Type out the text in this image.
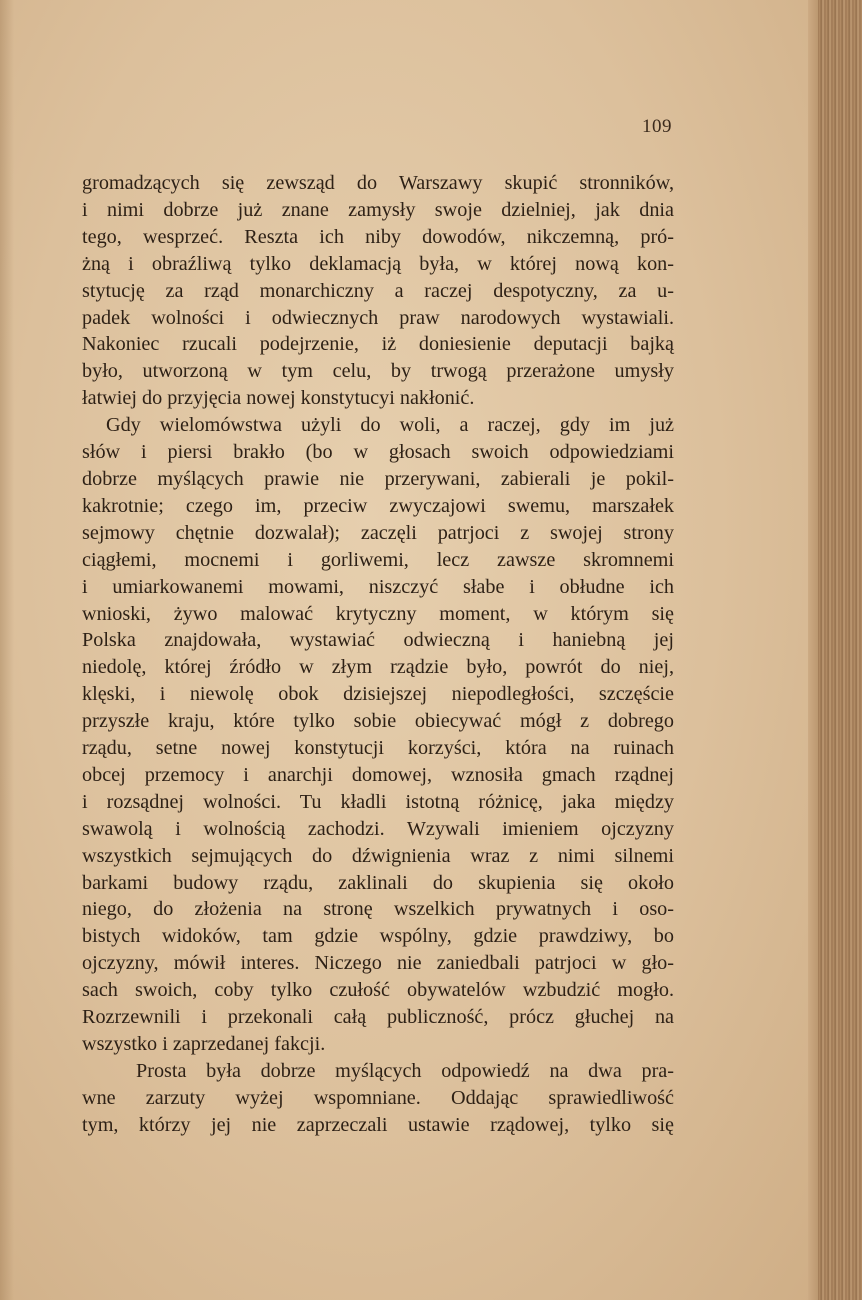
109
gromadzących się zewsząd do Warszawy skupić stronników,
i nimi dobrze już znane zamysły swoje dzielniej, jak dnia
tego, wesprzeć. Reszta ich niby dowodów, nikczemną, pró-
żną i obraźliwą tylko deklamacją była, w której nową kon-
stytucję za rząd monarchiczny a raczej despotyczny, za u-
padek wolności i odwiecznych praw narodowych wystawiali.
Nakoniec rzucali podejrzenie, iż doniesienie deputacji bajką
było, utworzoną w tym celu, by trwogą przerażone umysły
łatwiej do przyjęcia nowej konstytucyi nakłonić.
Gdy wielomówstwa użyli do woli, a raczej, gdy im już
słów i piersi brakło (bo w głosach swoich odpowiedziami
dobrze myślących prawie nie przerywani, zabierali je pokil-
kakrotnie; czego im, przeciw zwyczajowi swemu, marszałek
sejmowy chętnie dozwalał); zaczęli patrjoci z swojej strony
ciągłemi, mocnemi i gorliwemi, lecz zawsze skromnemi
i umiarkowanemi mowami, niszczyć słabe i obłudne ich
wnioski, żywo malować krytyczny moment, w którym się
Polska znajdowała, wystawiać odwieczną i haniebną jej
niedolę, której źródło w złym rządzie było, powrót do niej,
klęski, i niewolę obok dzisiejszej niepodległości, szczęście
przyszłe kraju, które tylko sobie obiecywać mógł z dobrego
rządu, setne nowej konstytucji korzyści, która na ruinach
obcej przemocy i anarchji domowej, wznosiła gmach rządnej
i rozsądnej wolności. Tu kładli istotną różnicę, jaka między
swawolą i wolnością zachodzi. Wzywali imieniem ojczyzny
wszystkich sejmujących do dźwignienia wraz z nimi silnemi
barkami budowy rządu, zaklinali do skupienia się około
niego, do złożenia na stronę wszelkich prywatnych i oso-
bistych widoków, tam gdzie wspólny, gdzie prawdziwy, bo
ojczyzny, mówił interes. Niczego nie zaniedbali patrjoci w gło-
sach swoich, coby tylko czułość obywatelów wzbudzić mogło.
Rozrzewnili i przekonali całą publiczność, prócz głuchej na
wszystko i zaprzedanej fakcji.
Prosta była dobrze myślących odpowiedź na dwa pra-
wne zarzuty wyżej wspomniane. Oddając sprawiedliwość
tym, którzy jej nie zaprzeczali ustawie rządowej, tylko się
